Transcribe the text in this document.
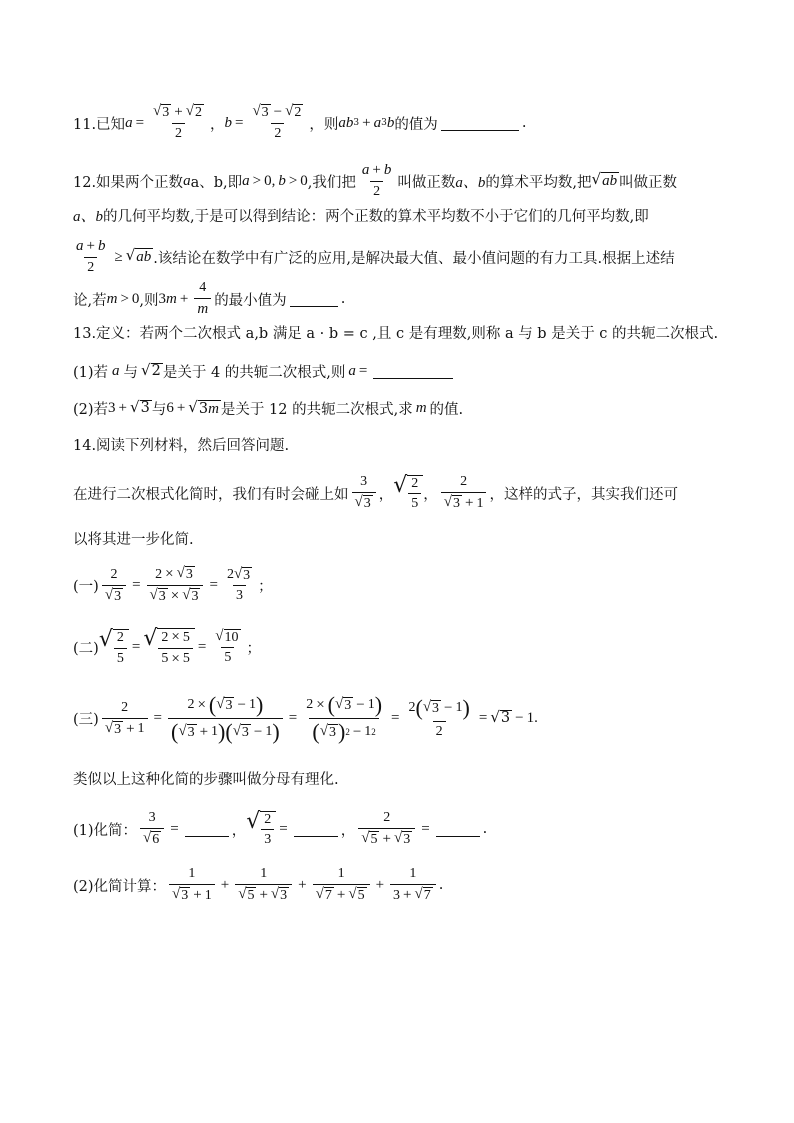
11.已知 $a = \frac{√ 3 + √ 2}{2}$ ， $b = \frac{√ 3 - √ 2}{2}$ ，则 ab 3 + a 3 b 的值为	.
12.如果两个正数 a a、b,即 a > 0 , b > 0 ,我们把 $\frac{a + b}{2}$ 叫做正数 a、b 的算术平均数,把 √ ab 叫做正数
a、b 的几何平均数,于是可以得到结论：两个正数的算术平均数不小于它们的几何平均数,即
$\frac{a + b}{2}$ ≥ √ ab .该结论在数学中有广泛的应用,是解决最大值、最小值问题的有力工具.根据上述结
论,若 m > 0 ,则 3 $m + \frac{4}{m}$ 的最小值为	.
13.定义：若两个二次根式 a,b 满足 a · b = c ,且 c 是有理数,则称 a 与 b 是关于 c 的共轭二次根式.
(1)若 a 与 √ 2 是关于 4 的共轭二次根式,则 a =
(2)若 3 + √ 3 与 6 + √ 3m 是关于 12 的共轭二次根式,求 m 的值.
14.阅读下列材料，然后回答问题.
在进行二次根式化简时，我们有时会碰上如 $\frac{3}{√ 3}$ ， √ $\frac{2}{5}$ ， $\frac{2}{√ 3 + 1}$ ，这样的式子，其实我们还可
以将其进一步化简.
(一) $\frac{2}{√ 3} = \frac{2 \times √ 3}{√ 3 \times √ 3} = \frac{2 √ 3}{3}$ ；
(二) √ $\frac{2}{5}$ = √ $\frac{2 \times 5}{5 \times 5} = \frac{√ 10}{5}$ ；
(三) $\frac{2}{√ 3 + 1} = \frac{2 \times ( √ 3 - 1 )}{( √ 3 + 1 ) ( √ 3 - 1 )} = \frac{2 \times ( √ 3 - 1 )}{( √ 3 ) 2 - 1 2} = \frac{2 ( √ 3 - 1 )}{2}$ = √ 3 − 1.
类似以上这种化简的步骤叫做分母有理化.
(1)化简： $\frac{3}{√ 6}$ =	， √ $\frac{2}{3}$ =	， $\frac{2}{√ 5 + √ 3}$ =	.
(2)化简计算： $\frac{1}{√ 3 + 1} + \frac{1}{√ 5 + √ 3} + \frac{1}{√ 7 + √ 5} + \frac{1}{3 + √ 7}$ .
